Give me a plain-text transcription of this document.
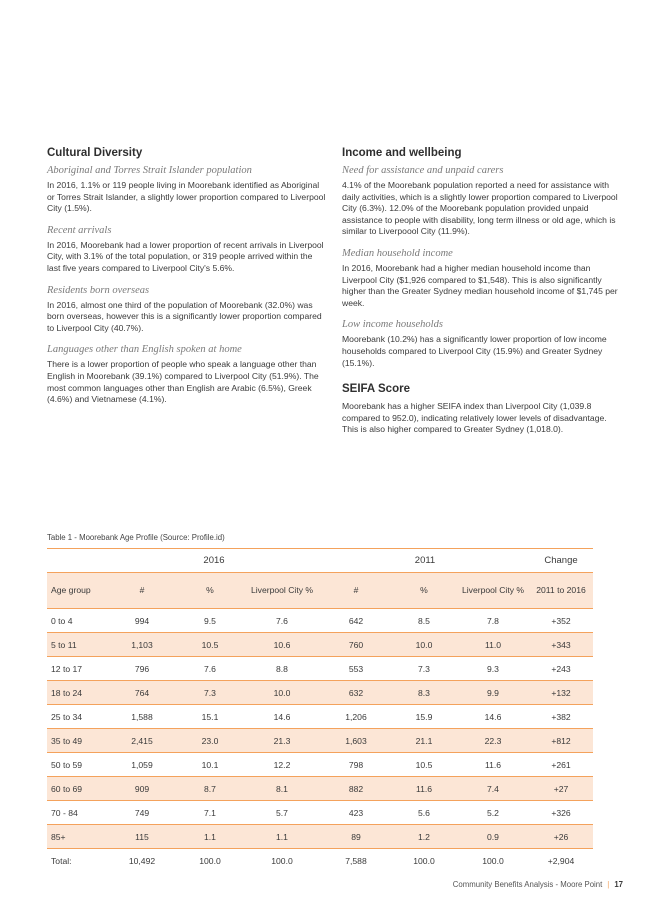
Cultural Diversity
Aboriginal and Torres Strait Islander population

In 2016, 1.1% or 119 people living in Moorebank identified as Aboriginal or Torres Strait Islander, a slightly lower proportion compared to Liverpool City (1.5%).

Recent arrivals

In 2016, Moorebank had a lower proportion of recent arrivals in Liverpool City, with 3.1% of the total population, or 319 people arrived within the last five years compared to Liverpool City's 5.6%.

Residents born overseas

In 2016, almost one third of the population of Moorebank (32.0%) was born overseas, however this is a significantly lower proportion compared to Liverpool City (40.7%).

Languages other than English spoken at home

There is a lower proportion of people who speak a language other than English in Moorebank (39.1%) compared to Liverpool City (51.9%). The most common languages other than English are Arabic (6.5%), Greek (4.6%) and Vietnamese (4.1%).

Income and wellbeing
Need for assistance and unpaid carers

4.1% of the Moorebank population reported a need for assistance with daily activities, which is a slightly lower proportion compared to Liverpool City (6.3%). 12.0% of the Moorebank population provided unpaid assistance to people with disability, long term illness or old age, which is similar to Liverpoool City (11.9%).

Median household income

In 2016, Moorebank had a higher median household income than Liverpool City ($1,926 compared to $1,548). This is also significantly higher than the Greater Sydney median household income of $1,745 per week.

Low income households

Moorebank (10.2%) has a significantly lower proportion of low income households compared to Liverpool City (15.9%) and Greater Sydney (15.1%).

SEIFA Score

Moorebank has a higher SEIFA index than Liverpool City (1,039.8 compared to 952.0), indicating relatively lower levels of disadvantage. This is also higher compared to Greater Sydney (1,018.0).

Table 1 - Moorebank Age Profile (Source: Profile.id)
	2016			2011			Change
Age group	#	%	Liverpool City %	#	%	Liverpool City %	2011 to 2016
0 to 4	994	9.5	7.6	642	8.5	7.8	+352
5 to 11	1,103	10.5	10.6	760	10.0	11.0	+343
12 to 17	796	7.6	8.8	553	7.3	9.3	+243
18 to 24	764	7.3	10.0	632	8.3	9.9	+132
25 to 34	1,588	15.1	14.6	1,206	15.9	14.6	+382
35 to 49	2,415	23.0	21.3	1,603	21.1	22.3	+812
50 to 59	1,059	10.1	12.2	798	10.5	11.6	+261
60 to 69	909	8.7	8.1	882	11.6	7.4	+27
70 - 84	749	7.1	5.7	423	5.6	5.2	+326
85+	115	1.1	1.1	89	1.2	0.9	+26
Total:	10,492	100.0	100.0	7,588	100.0	100.0	+2,904
Community Benefits Analysis - Moore Point | 17
